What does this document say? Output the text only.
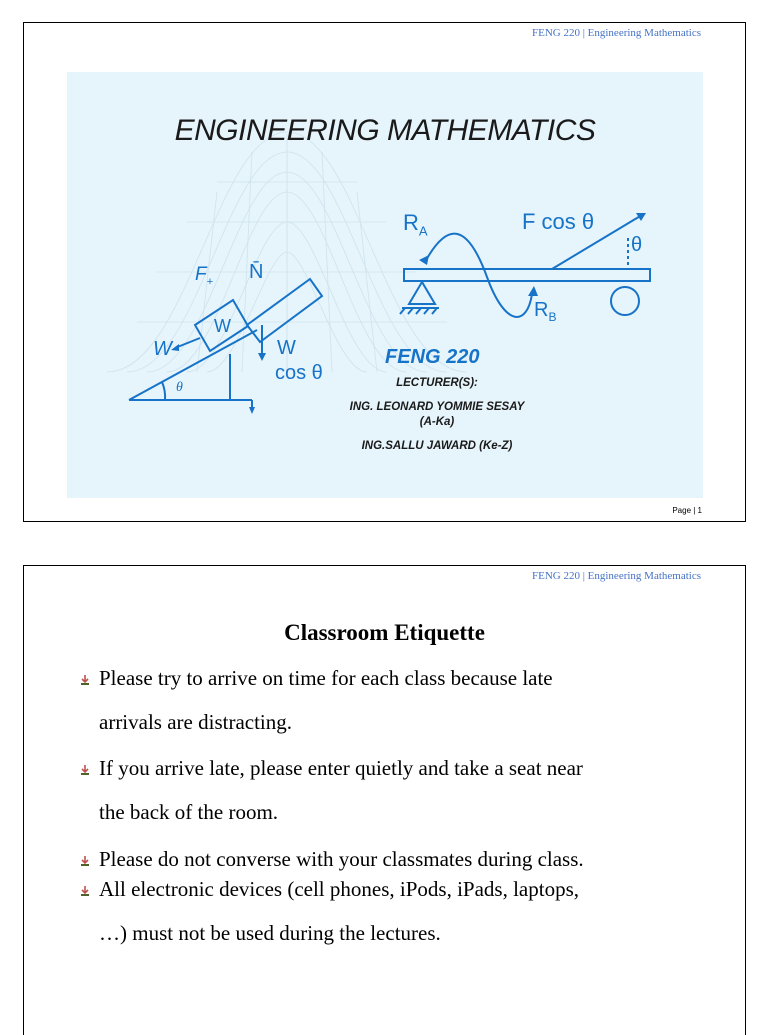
FENG 220 | Engineering Mathematics
ENGINEERING MATHEMATICS
$R_A$	F cos θ
θ
$R_B$
$F_+$ N̄
W
W	W
cos θ
θ
FENG 220
LECTURER(S):
ING. LEONARD YOMMIE SESAY
(A-Ka)
ING.SALLU JAWARD (Ke-Z)
Page | 1
FENG 220 | Engineering Mathematics
Classroom Etiquette
Please try to arrive on time for each class because late
arrivals are distracting.
If you arrive late, please enter quietly and take a seat near
the back of the room.
Please do not converse with your classmates during class.
All electronic devices (cell phones, iPods, iPads, laptops,
…) must not be used during the lectures.
